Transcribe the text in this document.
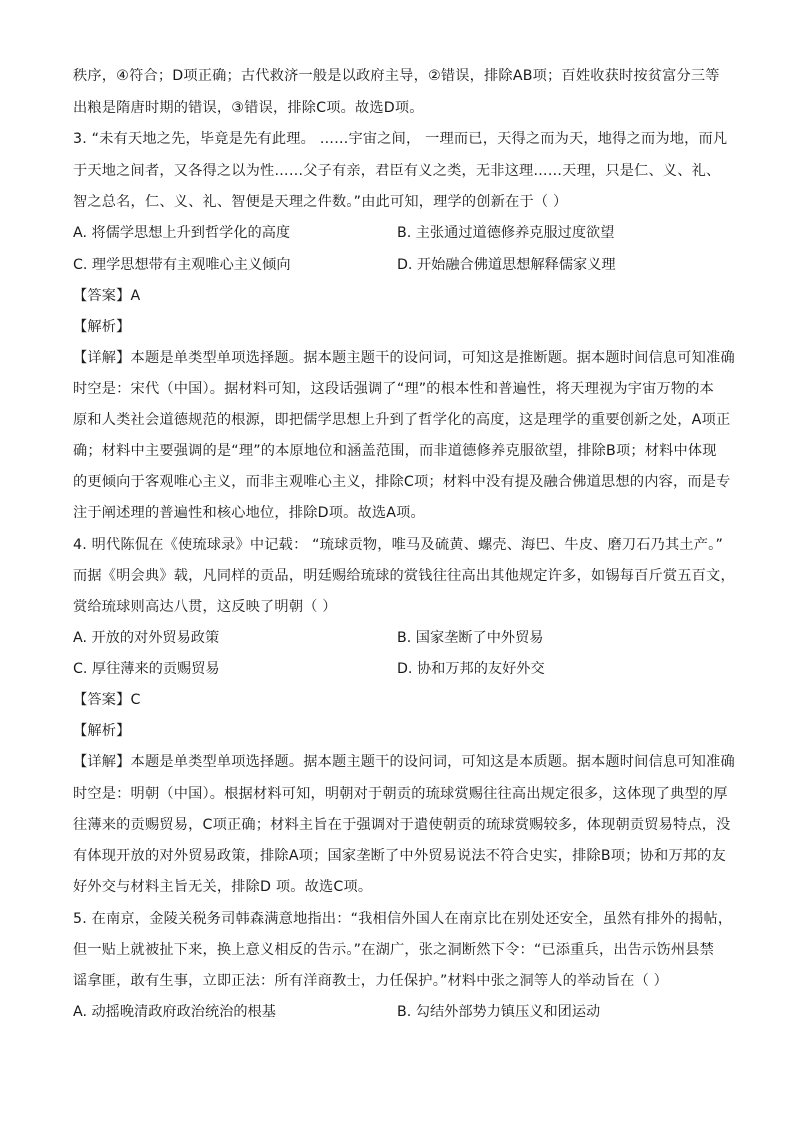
秩序，④符合；D项正确；古代救济一般是以政府主导，②错误，排除AB项；百姓收获时按贫富分三等
出粮是隋唐时期的错误，③错误，排除C项。故选D项。
3. “未有天地之先，毕竟是先有此理。 ……宇宙之间， 一理而已，天得之而为天，地得之而为地，而凡
于天地之间者，又各得之以为性……父子有亲，君臣有义之类，无非这理……天理，只是仁、义、礼、
智之总名，仁、义、礼、智便是天理之件数。”由此可知，理学的创新在于（ ）
A. 将儒学思想上升到哲学化的高度	B. 主张通过道德修养克服过度欲望
C. 理学思想带有主观唯心主义倾向	D. 开始融合佛道思想解释儒家义理
【答案】A
【解析】
【详解】本题是单类型单项选择题。据本题主题干的设问词，可知这是推断题。据本题时间信息可知准确
时空是：宋代（中国）。据材料可知，这段话强调了“理”的根本性和普遍性，将天理视为宇宙万物的本
原和人类社会道德规范的根源，即把儒学思想上升到了哲学化的高度，这是理学的重要创新之处，A项正
确；材料中主要强调的是“理”的本原地位和涵盖范围，而非道德修养克服欲望，排除B项；材料中体现
的更倾向于客观唯心主义，而非主观唯心主义，排除C项；材料中没有提及融合佛道思想的内容，而是专
注于阐述理的普遍性和核心地位，排除D项。故选A项。
4. 明代陈侃在《使琉球录》中记载： “琉球贡物，唯马及硫黄、螺壳、海巴、牛皮、磨刀石乃其土产。”
而据《明会典》载，凡同样的贡品，明廷赐给琉球的赏钱往往高出其他规定许多，如锡每百斤赏五百文，
赏给琉球则高达八贯，这反映了明朝（ ）
A. 开放的对外贸易政策	B. 国家垄断了中外贸易
C. 厚往薄来的贡赐贸易	D. 协和万邦的友好外交
【答案】C
【解析】
【详解】本题是单类型单项选择题。据本题主题干的设问词，可知这是本质题。据本题时间信息可知准确
时空是：明朝（中国）。根据材料可知，明朝对于朝贡的琉球赏赐往往高出规定很多，这体现了典型的厚
往薄来的贡赐贸易，C项正确；材料主旨在于强调对于遣使朝贡的琉球赏赐较多，体现朝贡贸易特点，没
有体现开放的对外贸易政策，排除A项；国家垄断了中外贸易说法不符合史实，排除B项；协和万邦的友
好外交与材料主旨无关，排除D 项。故选C项。
5. 在南京，金陵关税务司韩森满意地指出：“我相信外国人在南京比在别处还安全，虽然有排外的揭帖，
但一贴上就被扯下来，换上意义相反的告示。”在湖广，张之洞断然下令：“已添重兵，出告示饬州县禁
谣拿匪，敢有生事，立即正法：所有洋商教士，力任保护。”材料中张之洞等人的举动旨在（ ）
A. 动摇晚清政府政治统治的根基	B. 勾结外部势力镇压义和团运动
